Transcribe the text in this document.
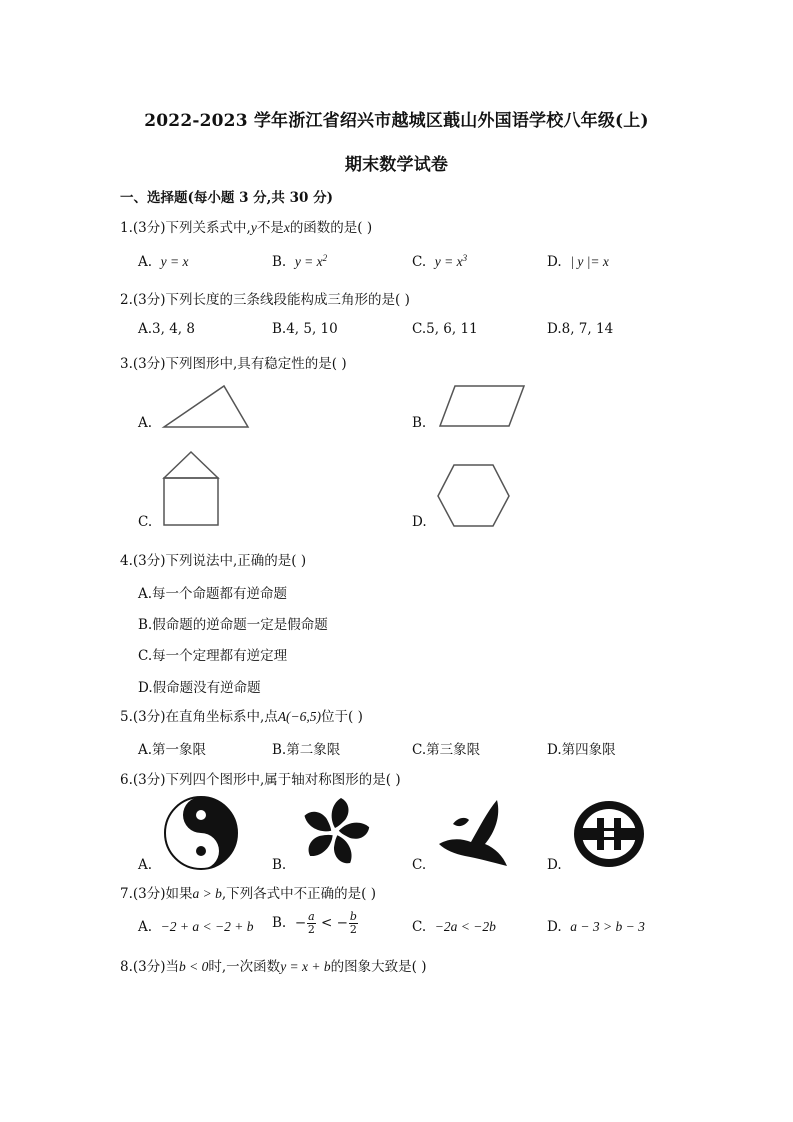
2022-2023 学年浙江省绍兴市越城区蕺山外国语学校八年级(上)
期末数学试卷
一、选择题(每小题 3 分,共 30 分)
1.(3分)下列关系式中,y不是x的函数的是( )
A. y = x	B. $y = x^2$	C. $y = x^3$	D. | y |= x
2.(3分)下列长度的三条线段能构成三角形的是( )
A.3, 4, 8	B.4, 5, 10	C.5, 6, 11	D.8, 7, 14
3.(3分)下列图形中,具有稳定性的是( )
A.	B.
C.	D.
4.(3分)下列说法中,正确的是( )
A.每一个命题都有逆命题
B.假命题的逆命题一定是假命题
C.每一个定理都有逆定理
D.假命题没有逆命题
5.(3分)在直角坐标系中,点A(−6,5)位于( )
A.第一象限	B.第二象限	C.第三象限	D.第四象限
6.(3分)下列四个图形中,属于轴对称图形的是( )
A.	B.	C.	D.
7.(3分)如果a > b,下列各式中不正确的是( )
A. −2 + a < −2 + b B. − $\frac{a}{2}$ < − $\frac{b}{2}$	C. −2a < −2b	D. a − 3 > b − 3
8.(3分)当b < 0时,一次函数y = x + b的图象大致是( )
